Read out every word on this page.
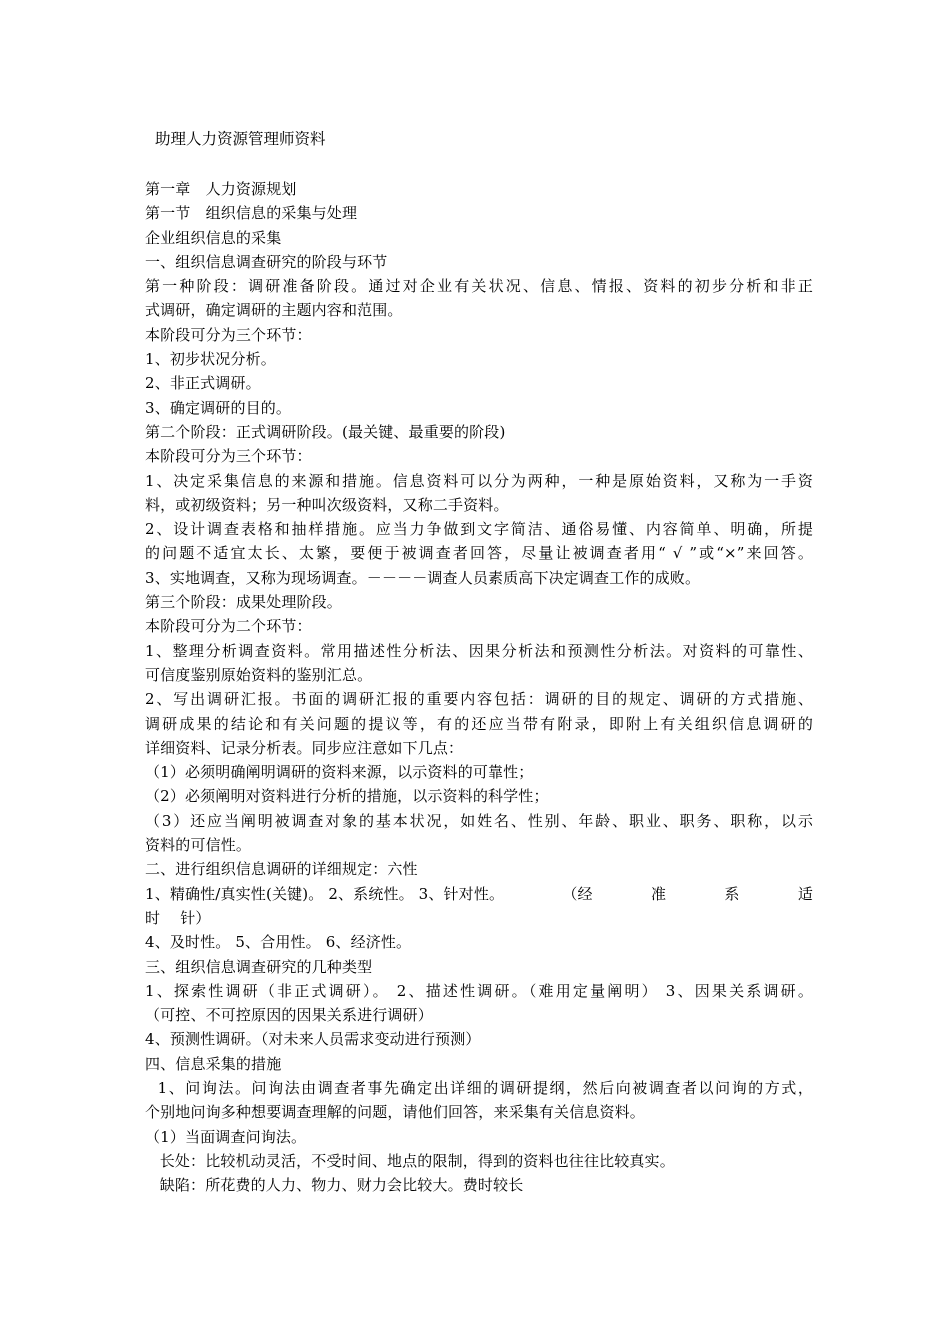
助理人力资源管理师资料
第一章　人力资源规划
第一节　组织信息的采集与处理
企业组织信息的采集
一、组织信息调查研究的阶段与环节
第一种阶段：调研准备阶段。通过对企业有关状况、信息、情报、资料的初步分析和非正
式调研，确定调研的主题内容和范围。
本阶段可分为三个环节：
1、初步状况分析。
2、非正式调研。
3、确定调研的目的。
第二个阶段：正式调研阶段。(最关键、最重要的阶段)
本阶段可分为三个环节：
1、决定采集信息的来源和措施。信息资料可以分为两种，一种是原始资料，又称为一手资
料，或初级资料；另一种叫次级资料，又称二手资料。
2、设计调查表格和抽样措施。应当力争做到文字简洁、通俗易懂、内容简单、明确，所提
的问题不适宜太长、太繁，要便于被调查者回答，尽量让被调查者用“ √ ”或“×”来回答。
3、实地调查，又称为现场调查。－－－－调查人员素质高下决定调查工作的成败。
第三个阶段：成果处理阶段。
本阶段可分为二个环节：
1、整理分析调查资料。常用描述性分析法、因果分析法和预测性分析法。对资料的可靠性、
可信度鉴别原始资料的鉴别汇总。
2、写出调研汇报。书面的调研汇报的重要内容包括：调研的目的规定、调研的方式措施、
调研成果的结论和有关问题的提议等，有的还应当带有附录，即附上有关组织信息调研的
详细资料、记录分析表。同步应注意如下几点：
（1）必须明确阐明调研的资料来源，以示资料的可靠性；
（2）必须阐明对资料进行分析的措施，以示资料的科学性；
（3）还应当阐明被调查对象的基本状况，如姓名、性别、年龄、职业、职务、职称，以示
资料的可信性。
二、进行组织信息调研的详细规定：六性
1、精确性/真实性(关键)。 2、系统性。 3、针对性。	（经	准	系	适
时　 针）
4、及时性。 5、合用性。 6、经济性。
三、组织信息调查研究的几种类型
1、探索性调研（非正式调研）。 2、描述性调研。（难用定量阐明） 3、因果关系调研。
（可控、不可控原因的因果关系进行调研）
4、预测性调研。（对未来人员需求变动进行预测）
四、信息采集的措施
1、问询法。问询法由调查者事先确定出详细的调研提纲，然后向被调查者以问询的方式，
个别地问询多种想要调查理解的问题，请他们回答，来采集有关信息资料。
（1）当面调查问询法。
长处：比较机动灵活，不受时间、地点的限制，得到的资料也往往比较真实。
缺陷：所花费的人力、物力、财力会比较大。费时较长
